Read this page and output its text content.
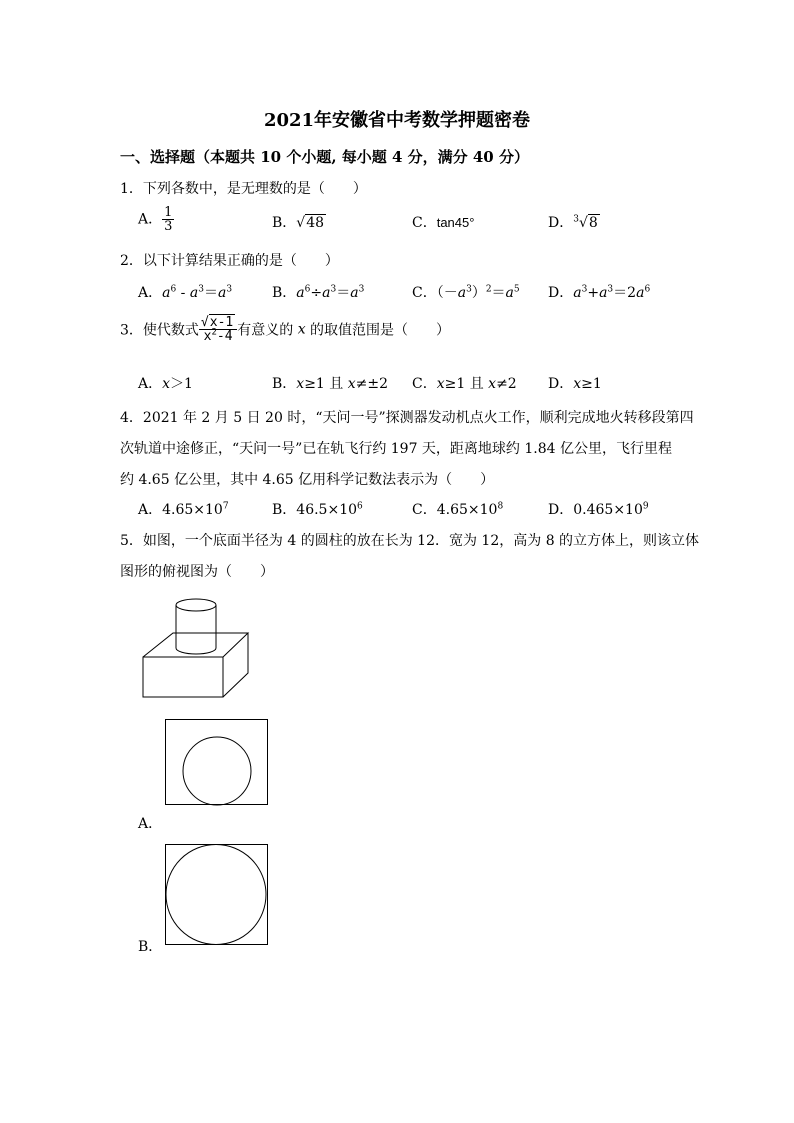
2021年安徽省中考数学押题密卷
一、选择题（本题共 10 个小题, 每小题 4 分，满分 40 分）
1．下列各数中，是无理数的是（　　）
A． $\frac{1}{3}$	B．√48	C．tan45°	D．$^3$√8
2．以下计算结果正确的是（　　）
A．$a^6 - a^3=a^3$	B．$a^6\div a^3=a^3$	C．$(-a^3)^2=a^5$ D．$a^3+a^3=2a^6$
3．使代数式 $\frac{√x-1}{x^2-4}$ 有意义的 x 的取值范围是（　　）
A．x＞1	B．x≥1 且 x≠±2 C．x≥1 且 x≠2 D．x≥1
4．2021 年 2 月 5 日 20 时，“天问一号”探测器发动机点火工作，顺利完成地火转移段第四
次轨道中途修正，“天问一号”已在轨飞行约 197 天，距离地球约 1.84 亿公里，飞行里程
约 4.65 亿公里，其中 4.65 亿用科学记数法表示为（　　）
A．$4.65\times 10^7$	B．$46.5\times 10^6$	C．$4.65\times 10^8$	D．$0.465\times 10^9$
5．如图，一个底面半径为 4 的圆柱的放在长为 12．宽为 12，高为 8 的立方体上，则该立体
图形的俯视图为（　　）
A．
B．
